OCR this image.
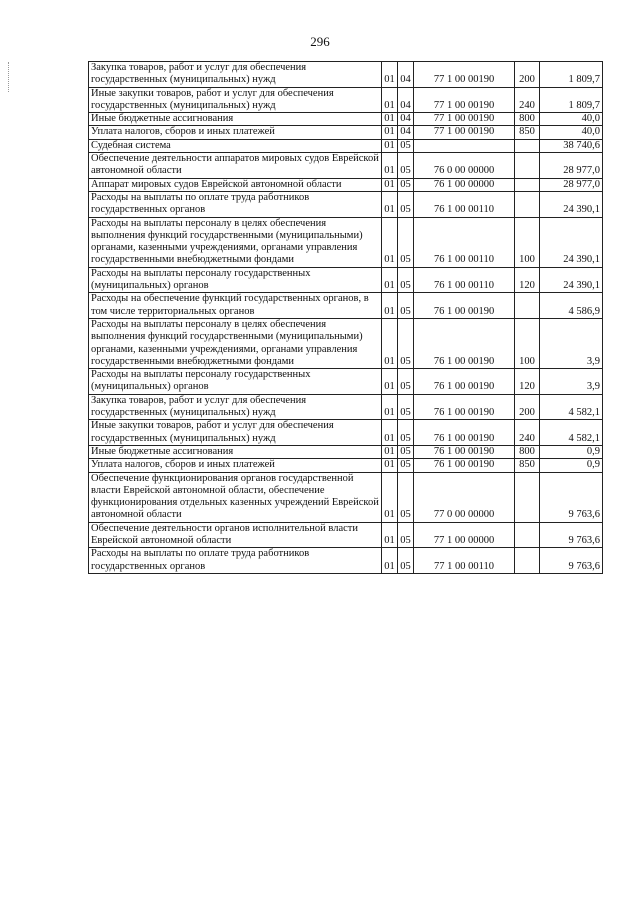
296
Закупка товаров, работ и услуг для обеспечения государственных (муниципальных) нужд	01	04	77 1 00 00190	200	1 809,7
Иные закупки товаров, работ и услуг для обеспечения государственных (муниципальных) нужд	01	04	77 1 00 00190	240	1 809,7
Иные бюджетные ассигнования	01	04	77 1 00 00190	800	40,0
Уплата налогов, сборов и иных платежей	01	04	77 1 00 00190	850	40,0
Судебная система	01	05			38 740,6
Обеспечение деятельности аппаратов мировых судов Еврейской автономной области	01	05	76 0 00 00000		28 977,0
Аппарат мировых судов Еврейской автономной области	01	05	76 1 00 00000		28 977,0
Расходы на выплаты по оплате труда работников государственных органов	01	05	76 1 00 00110		24 390,1
Расходы на выплаты персоналу в целях обеспечения выполнения функций государственными (муниципальными) органами, казенными учреждениями, органами управления государственными внебюджетными фондами	01	05	76 1 00 00110	100	24 390,1
Расходы на выплаты персоналу государственных (муниципальных) органов	01	05	76 1 00 00110	120	24 390,1
Расходы на обеспечение функций государственных органов, в том числе территориальных органов	01	05	76 1 00 00190		4 586,9
Расходы на выплаты персоналу в целях обеспечения выполнения функций государственными (муниципальными) органами, казенными учреждениями, органами управления государственными внебюджетными фондами	01	05	76 1 00 00190	100	3,9
Расходы на выплаты персоналу государственных (муниципальных) органов	01	05	76 1 00 00190	120	3,9
Закупка товаров, работ и услуг для обеспечения государственных (муниципальных) нужд	01	05	76 1 00 00190	200	4 582,1
Иные закупки товаров, работ и услуг для обеспечения государственных (муниципальных) нужд	01	05	76 1 00 00190	240	4 582,1
Иные бюджетные ассигнования	01	05	76 1 00 00190	800	0,9
Уплата налогов, сборов и иных платежей	01	05	76 1 00 00190	850	0,9
Обеспечение функционирования органов государственной власти Еврейской автономной области, обеспечение функционирования отдельных казенных учреждений Еврейской автономной области	01	05	77 0 00 00000		9 763,6
Обеспечение деятельности органов исполнительной власти Еврейской автономной области	01	05	77 1 00 00000		9 763,6
Расходы на выплаты по оплате труда работников государственных органов	01	05	77 1 00 00110		9 763,6
